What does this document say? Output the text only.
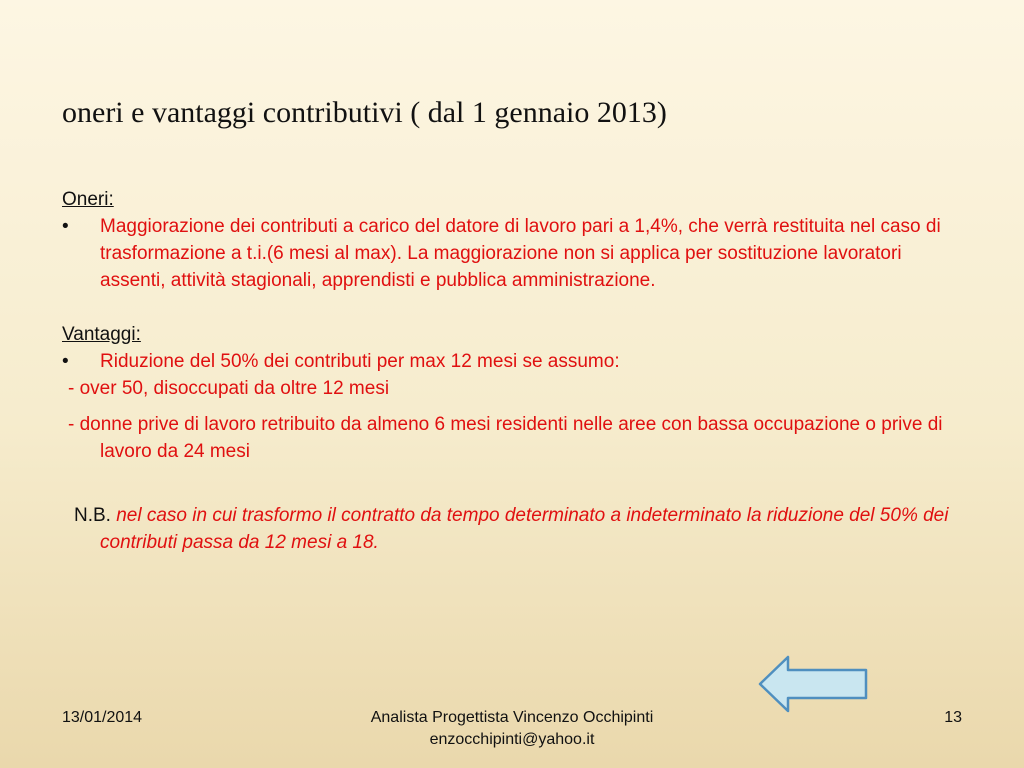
oneri e vantaggi contributivi ( dal 1 gennaio 2013)
Oneri:
• Maggiorazione dei contributi a carico del datore di lavoro pari a 1,4%, che verrà restituita nel caso di trasformazione a t.i.(6 mesi al max). La maggiorazione non si applica per sostituzione lavoratori assenti, attività stagionali, apprendisti e pubblica amministrazione.
Vantaggi:
• Riduzione del 50% dei contributi per max 12 mesi se assumo:
- over 50, disoccupati da oltre 12 mesi
- donne prive di lavoro retribuito da almeno 6 mesi residenti nelle aree con bassa occupazione o prive di lavoro da 24 mesi
N.B. nel caso in cui trasformo il contratto da tempo determinato a indeterminato la riduzione del 50% dei contributi passa da 12 mesi a 18.
13/01/2014	Analista Progettista Vincenzo Occhipinti
enzocchipinti@yahoo.it
13
